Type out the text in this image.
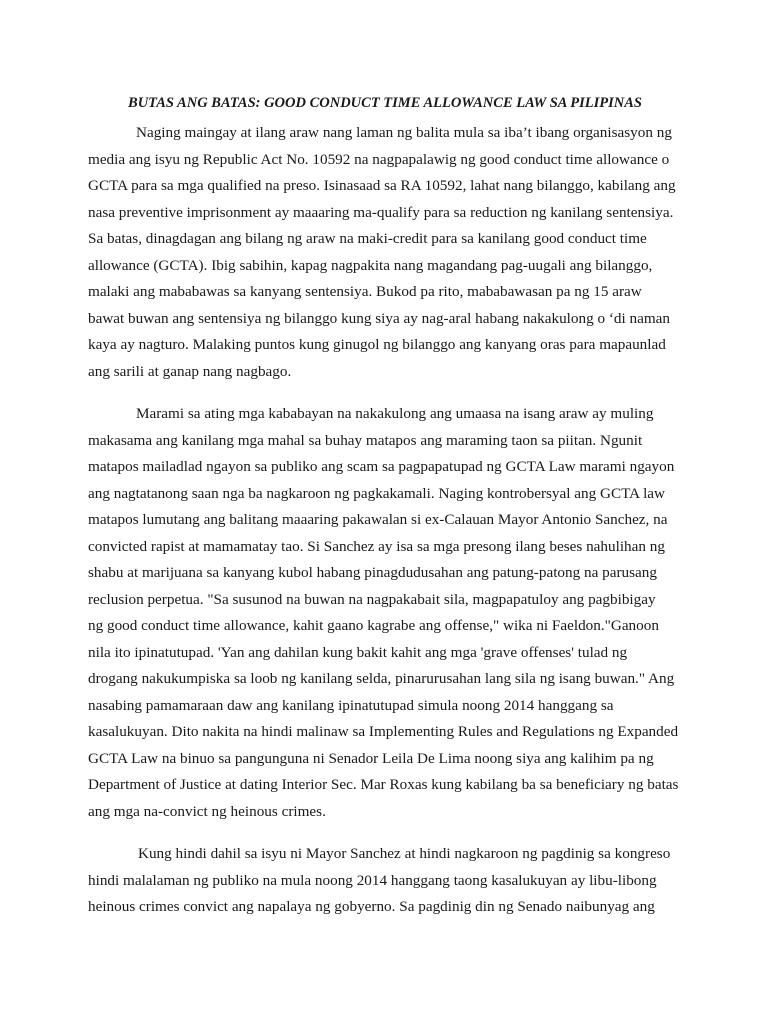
BUTAS ANG BATAS: GOOD CONDUCT TIME ALLOWANCE LAW SA PILIPINAS
Naging maingay at ilang araw nang laman ng balita mula sa iba’t ibang organisasyon ng
media ang isyu ng Republic Act No. 10592 na nagpapalawig ng good conduct time allowance o
GCTA para sa mga qualified na preso. Isinasaad sa RA 10592, lahat nang bilanggo, kabilang ang
nasa preventive imprisonment ay maaaring ma-qualify para sa reduction ng kanilang sentensiya.
Sa batas, dinagdagan ang bilang ng araw na maki-credit para sa kanilang good conduct time
allowance (GCTA). Ibig sabihin, kapag nagpakita nang magandang pag-uugali ang bilanggo,
malaki ang mababawas sa kanyang sentensiya. Bukod pa rito, mababawasan pa ng 15 araw
bawat buwan ang sentensiya ng bilanggo kung siya ay nag-aral habang nakakulong o ‘di naman
kaya ay nagturo. Malaking puntos kung ginugol ng bilanggo ang kanyang oras para mapaunlad
ang sarili at ganap nang nagbago.
Marami sa ating mga kababayan na nakakulong ang umaasa na isang araw ay muling
makasama ang kanilang mga mahal sa buhay matapos ang maraming taon sa piitan. Ngunit
matapos mailadlad ngayon sa publiko ang scam sa pagpapatupad ng GCTA Law marami ngayon
ang nagtatanong saan nga ba nagkaroon ng pagkakamali. Naging kontrobersyal ang GCTA law
matapos lumutang ang balitang maaaring pakawalan si ex-Calauan Mayor Antonio Sanchez, na
convicted rapist at mamamatay tao. Si Sanchez ay isa sa mga presong ilang beses nahulihan ng
shabu at marijuana sa kanyang kubol habang pinagdudusahan ang patung-patong na parusang
reclusion perpetua. "Sa susunod na buwan na nagpakabait sila, magpapatuloy ang pagbibigay
ng good conduct time allowance, kahit gaano kagrabe ang offense," wika ni Faeldon."Ganoon
nila ito ipinatutupad. 'Yan ang dahilan kung bakit kahit ang mga 'grave offenses' tulad ng
drogang nakukumpiska sa loob ng kanilang selda, pinarurusahan lang sila ng isang buwan." Ang
nasabing pamamaraan daw ang kanilang ipinatutupad simula noong 2014 hanggang sa
kasalukuyan. Dito nakita na hindi malinaw sa Implementing Rules and Regulations ng Expanded
GCTA Law na binuo sa pangunguna ni Senador Leila De Lima noong siya ang kalihim pa ng
Department of Justice at dating Interior Sec. Mar Roxas kung kabilang ba sa beneficiary ng batas
ang mga na-convict ng heinous crimes.
Kung hindi dahil sa isyu ni Mayor Sanchez at hindi nagkaroon ng pagdinig sa kongreso
hindi malalaman ng publiko na mula noong 2014 hanggang taong kasalukuyan ay libu-libong
heinous crimes convict ang napalaya ng gobyerno. Sa pagdinig din ng Senado naibunyag ang
